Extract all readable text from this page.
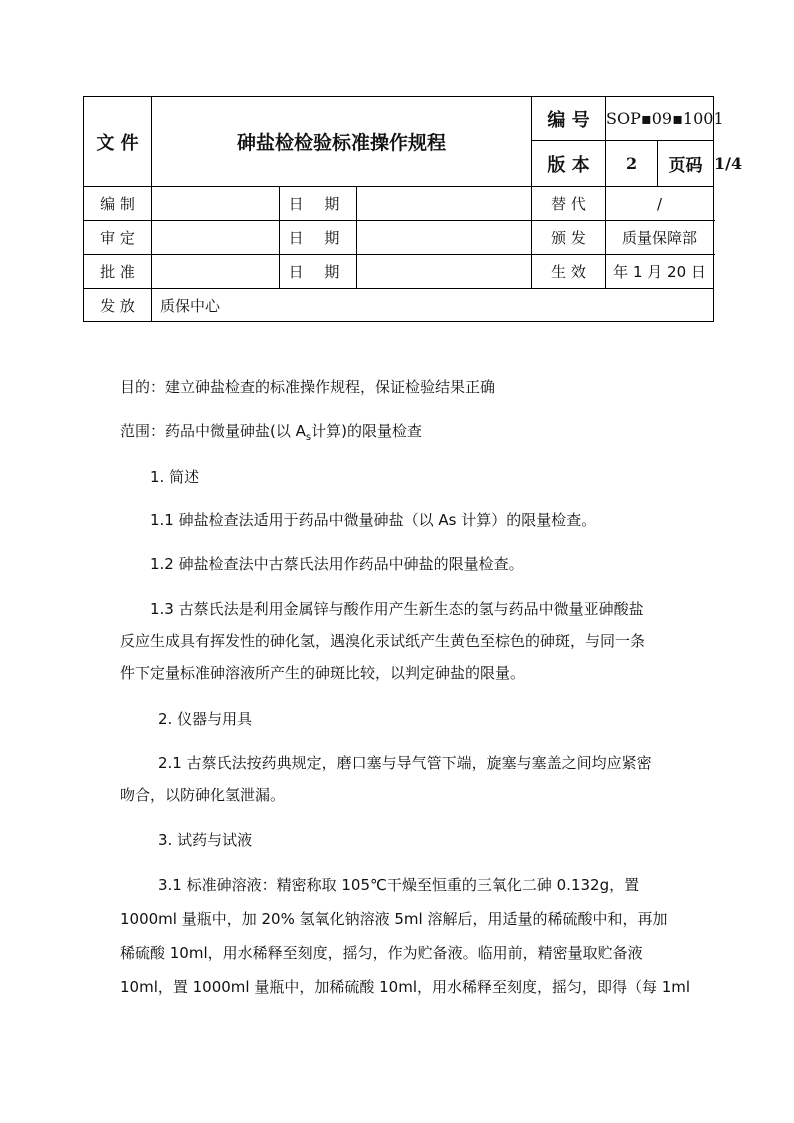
文 件	砷盐检检验标准操作规程			编 号	SOP▪09▪1001		
				版 本	2	页码	1/4
编 制		日 期		替 代	/		
审 定		日 期		颁 发	质量保障部		
批 准		日 期		生 效	年 1 月 20 日		
发 放	质保中心						

目的：建立砷盐检查的标准操作规程，保证检验结果正确

范围：药品中微量砷盐(以 $A_s$计算)的限量检查

1. 简述

1.1 砷盐检查法适用于药品中微量砷盐（以 As 计算）的限量检查。

1.2 砷盐检查法中古蔡氏法用作药品中砷盐的限量检查。

1.3 古蔡氏法是利用金属锌与酸作用产生新生态的氢与药品中微量亚砷酸盐
反应生成具有挥发性的砷化氢，遇溴化汞试纸产生黄色至棕色的砷斑，与同一条
件下定量标准砷溶液所产生的砷斑比较，以判定砷盐的限量。

2. 仪器与用具

2.1 古蔡氏法按药典规定，磨口塞与导气管下端，旋塞与塞盖之间均应紧密
吻合，以防砷化氢泄漏。

3. 试药与试液

3.1 标准砷溶液：精密称取 105℃干燥至恒重的三氧化二砷 0.132g，置
1000ml 量瓶中，加 20% 氢氧化钠溶液 5ml 溶解后，用适量的稀硫酸中和，再加
稀硫酸 10ml，用水稀释至刻度，摇匀，作为贮备液。临用前，精密量取贮备液
10ml，置 1000ml 量瓶中，加稀硫酸 10ml，用水稀释至刻度，摇匀，即得（每 1ml
